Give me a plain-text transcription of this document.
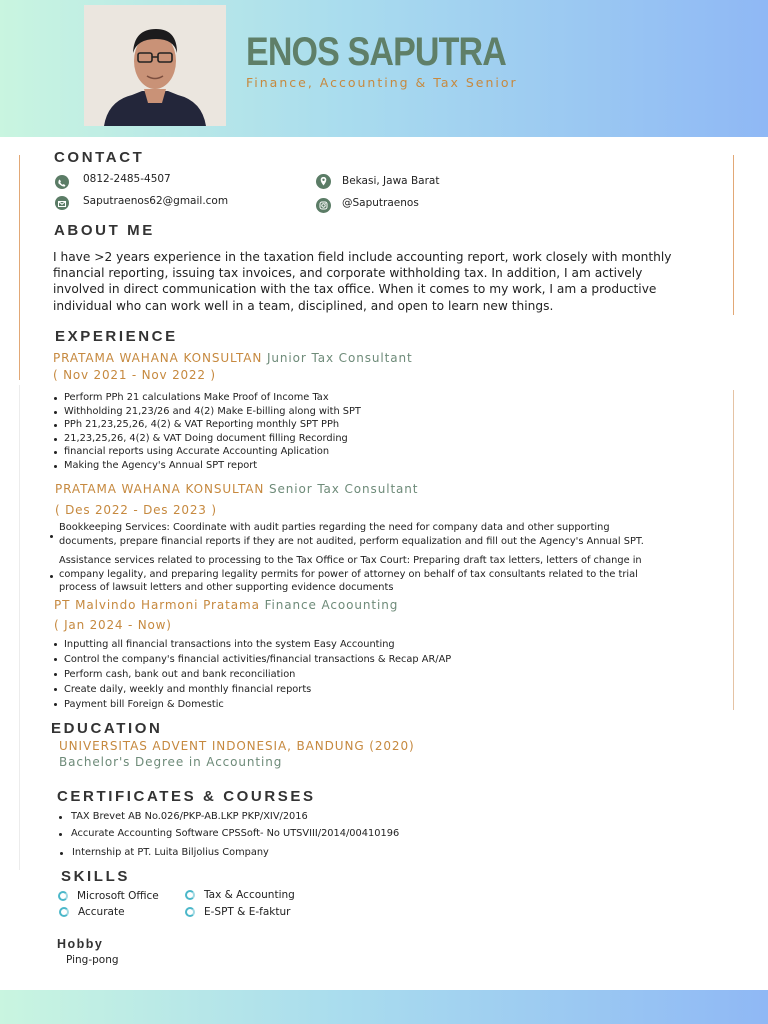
ENOS SAPUTRA
Finance, Accounting & Tax Senior
CONTACT
0812-2485-4507
Saputraenos62@gmail.com
Bekasi, Jawa Barat
@Saputraenos
ABOUT ME
I have >2 years experience in the taxation field include accounting report, work closely with monthly financial reporting, issuing tax invoices, and corporate withholding tax. In addition, I am actively involved in direct communication with the tax office. When it comes to my work, I am a productive individual who can work well in a team, disciplined, and open to learn new things.
EXPERIENCE
PRATAMA WAHANA KONSULTAN Junior Tax Consultant
( Nov 2021 - Nov 2022 )
Perform PPh 21 calculations Make Proof of Income Tax
Withholding 21,23/26 and 4(2) Make E-billing along with SPT
PPh 21,23,25,26, 4(2) & VAT Reporting monthly SPT PPh
21,23,25,26, 4(2) & VAT Doing document filling Recording
financial reports using Accurate Accounting Aplication
Making the Agency's Annual SPT report
PRATAMA WAHANA KONSULTAN Senior Tax Consultant
( Des 2022 - Des 2023 )
Bookkeeping Services: Coordinate with audit parties regarding the need for company data and other supporting documents, prepare financial reports if they are not audited, perform equalization and fill out the Agency's Annual SPT.
Assistance services related to processing to the Tax Office or Tax Court: Preparing draft tax letters, letters of change in company legality, and preparing legality permits for power of attorney on behalf of tax consultants related to the trial process of lawsuit letters and other supporting evidence documents
PT Malvindo Harmoni Pratama Finance Acoounting
( Jan 2024 - Now)
Inputting all financial transactions into the system Easy Accounting
Control the company's financial activities/financial transactions & Recap AR/AP
Perform cash, bank out and bank reconciliation
Create daily, weekly and monthly financial reports
Payment bill Foreign & Domestic
EDUCATION
UNIVERSITAS ADVENT INDONESIA, BANDUNG (2020)
Bachelor's Degree in Accounting
CERTIFICATES & COURSES
TAX Brevet AB No.026/PKP-AB.LKP PKP/XIV/2016
Accurate Accounting Software CPSSoft- No UTSVIII/2014/00410196
Internship at PT. Luita Biljolius Company
SKILLS
Microsoft Office
Accurate
Tax & Accounting
E-SPT & E-faktur
Hobby
Ping-pong
